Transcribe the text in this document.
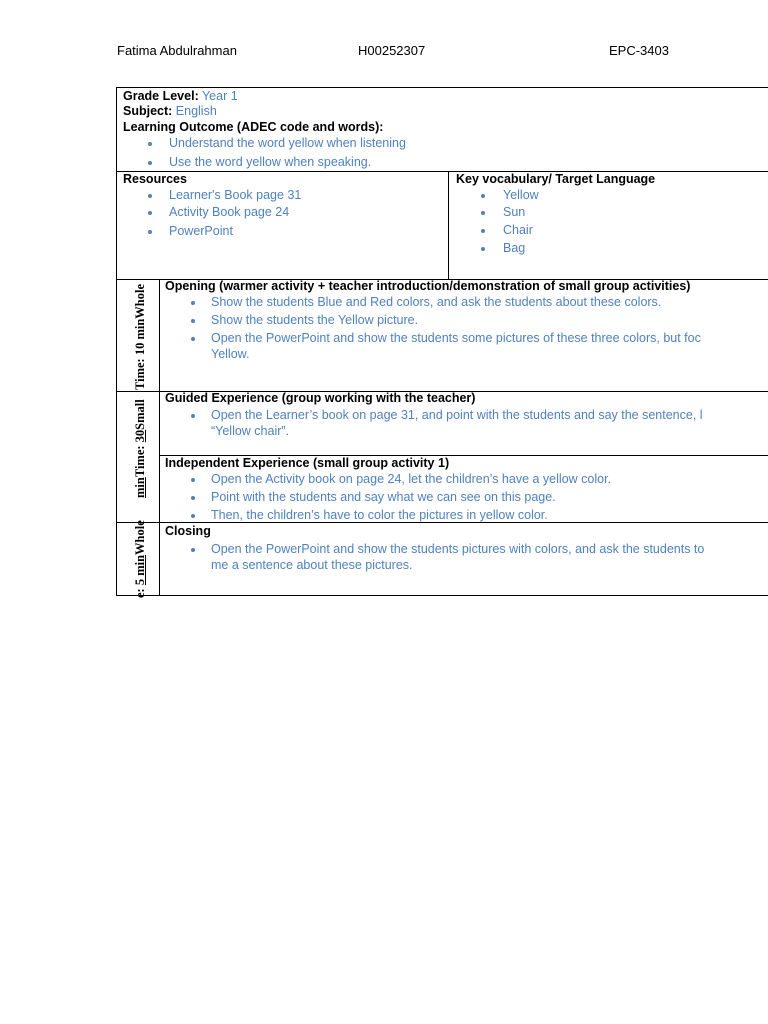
Fatima Abdulrahman	H00252307	EPC-3403
Grade Level: Year 1
Subject: English
Learning Outcome (ADEC code and words):
Understand the word yellow when listening
Use the word yellow when speaking.
Resources
Learner's Book page 31
Activity Book page 24
PowerPoint
Key vocabulary/ Target Language
Yellow
Sun
Chair
Bag
Time: 10 minWhole Opening (warmer activity + teacher introduction/demonstration of small group activities)
Show the students Blue and Red colors, and ask the students about these colors.
Show the students the Yellow picture.
Open the PowerPoint and show the students some pictures of these three colors, but foc
Yellow.
minTime: 30Small
Guided Experience (group working with the teacher)
Open the Learner’s book on page 31, and point with the students and say the sentence, l
“Yellow chair”.
Independent Experience (small group activity 1)
Open the Activity book on page 24, let the children’s have a yellow color.
Point with the students and say what we can see on this page.
Then, the children’s have to color the pictures in yellow color.
e: 5 minWhole Closing
Open the PowerPoint and show the students pictures with colors, and ask the students to
me a sentence about these pictures.
